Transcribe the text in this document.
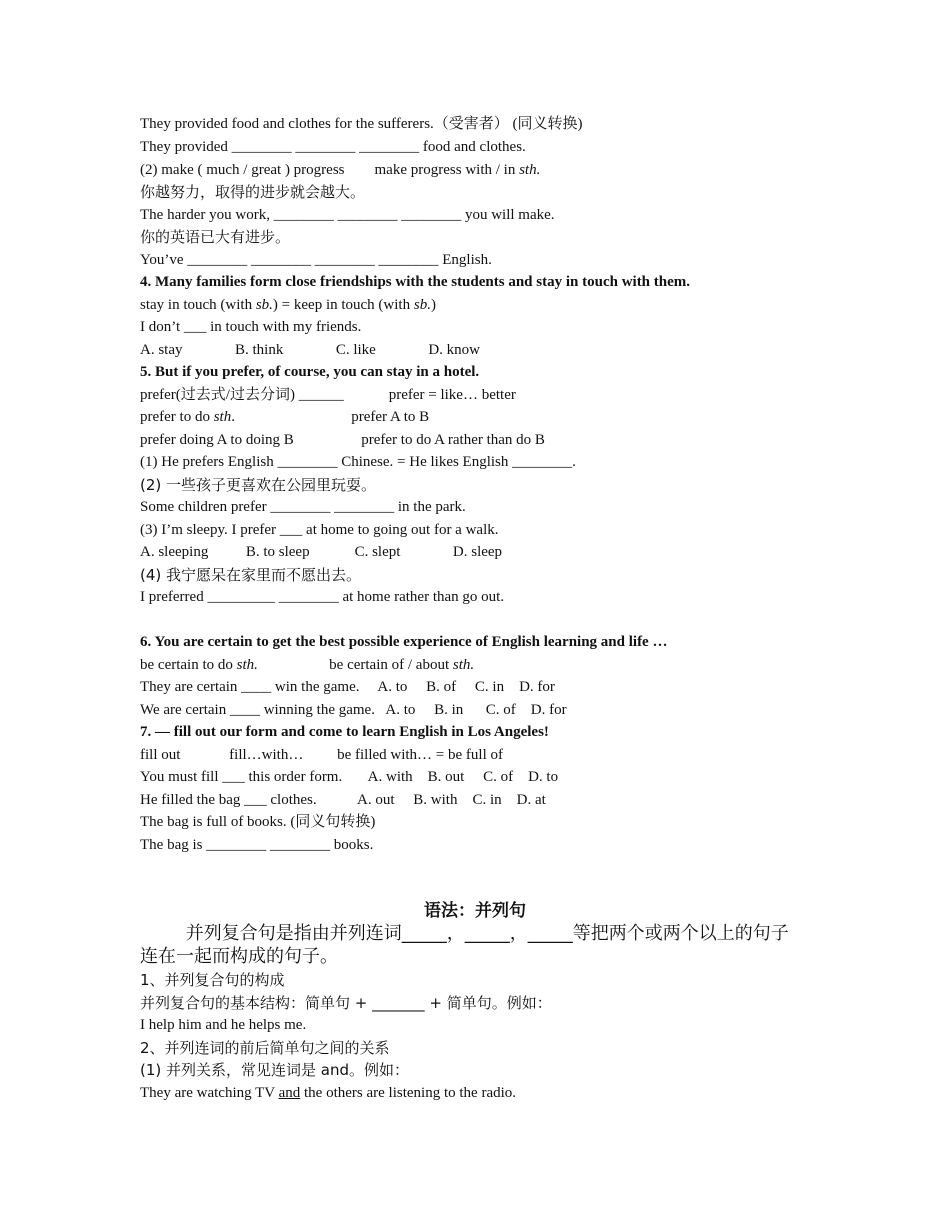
They provided food and clothes for the sufferers.（受害者） (同义转换)
They provided ________ ________ ________ food and clothes.
(2) make ( much / great ) progress        make progress with / in sth.
你越努力，取得的进步就会越大。
The harder you work, ________ ________ ________ you will make.
你的英语已大有进步。
You’ve ________ ________ ________ ________ English.
4. Many families form close friendships with the students and stay in touch with them.
stay in touch (with sb.) = keep in touch (with sb.)
I don’t ___ in touch with my friends.
A. stay              B. think              C. like              D. know
5. But if you prefer, of course, you can stay in a hotel.
prefer(过去式/过去分词) ______            prefer = like… better
prefer to do sth.                               prefer A to B
prefer doing A to doing B                  prefer to do A rather than do B
(1) He prefers English ________ Chinese. = He likes English ________.
(2) 一些孩子更喜欢在公园里玩耍。
Some children prefer ________ ________ in the park.
(3) I’m sleepy. I prefer ___ at home to going out for a walk.
A. sleeping          B. to sleep            C. slept              D. sleep
(4) 我宁愿呆在家里而不愿出去。
I preferred _________ ________ at home rather than go out.
6. You are certain to get the best possible experience of English learning and life …
be certain to do sth.                   be certain of / about sth.
They are certain ____ win the game.     A. to     B. of     C. in    D. for
We are certain ____ winning the game.   A. to     B. in      C. of    D. for
7. — fill out our form and come to learn English in Los Angeles!
fill out             fill…with…         be filled with… = be full of
You must fill ___ this order form.       A. with    B. out     C. of    D. to
He filled the bag ___ clothes.           A. out     B. with    C. in    D. at
The bag is full of books. (同义句转换)
The bag is ________ ________ books.
语法：并列句
并列复合句是指由并列连词_____，_____，_____等把两个或两个以上的句子
连在一起而构成的句子。
1、并列复合句的构成
并列复合句的基本结构：简单句 + _______ + 简单句。例如：
I help him and he helps me.
2、并列连词的前后简单句之间的关系
(1) 并列关系，常见连词是 and。例如：
They are watching TV and the others are listening to the radio.
